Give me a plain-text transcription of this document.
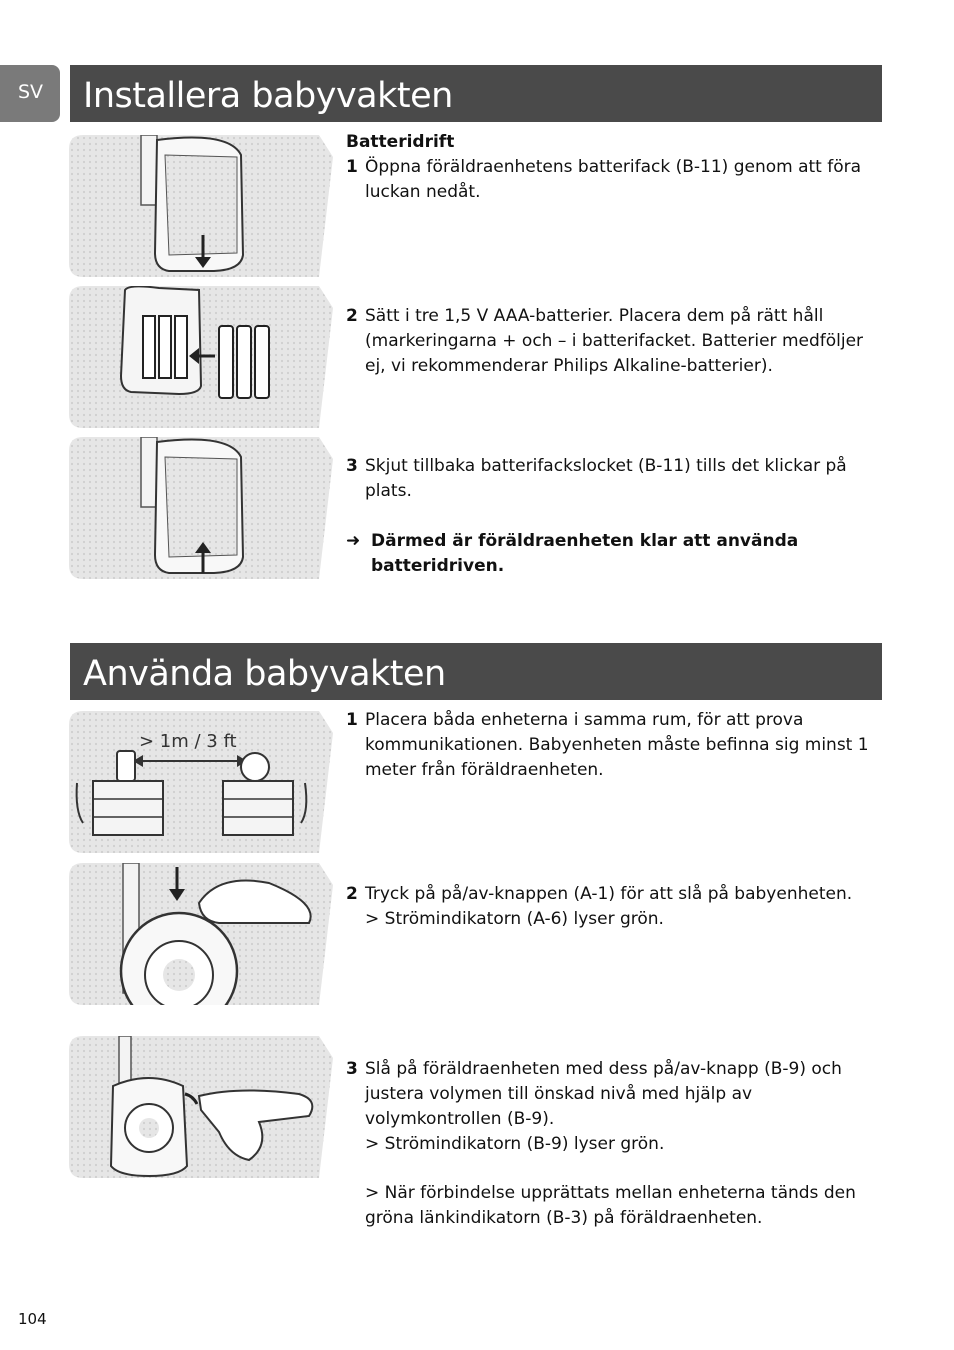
SV	Installera babyvakten
Batteridrift
1 Öppna föräldraenhetens batterifack (B-11) genom att föra luckan nedåt.
2 Sätt i tre 1,5 V AAA-batterier. Placera dem på rätt håll (markeringarna + och – i batterifacket. Batterier medföljer ej, vi rekommenderar Philips Alkaline-batterier).
3 Skjut tillbaka batterifackslocket (B-11) tills det klickar på plats.
➜ Därmed är föräldraenheten klar att använda batteridriven.
Använda babyvakten
> 1m / 3 ft
1 Placera båda enheterna i samma rum, för att prova kommunikationen. Babyenheten måste befinna sig minst 1 meter från föräldraenheten.
2 Tryck på på/av-knappen (A-1) för att slå på babyenheten.
> Strömindikatorn (A-6) lyser grön.
3 Slå på föräldraenheten med dess på/av-knapp (B-9) och justera volymen till önskad nivå med hjälp av volymkontrollen (B-9).
> Strömindikatorn (B-9) lyser grön.
> När förbindelse upprättats mellan enheterna tänds den gröna länkindikatorn (B-3) på föräldraenheten.
104
